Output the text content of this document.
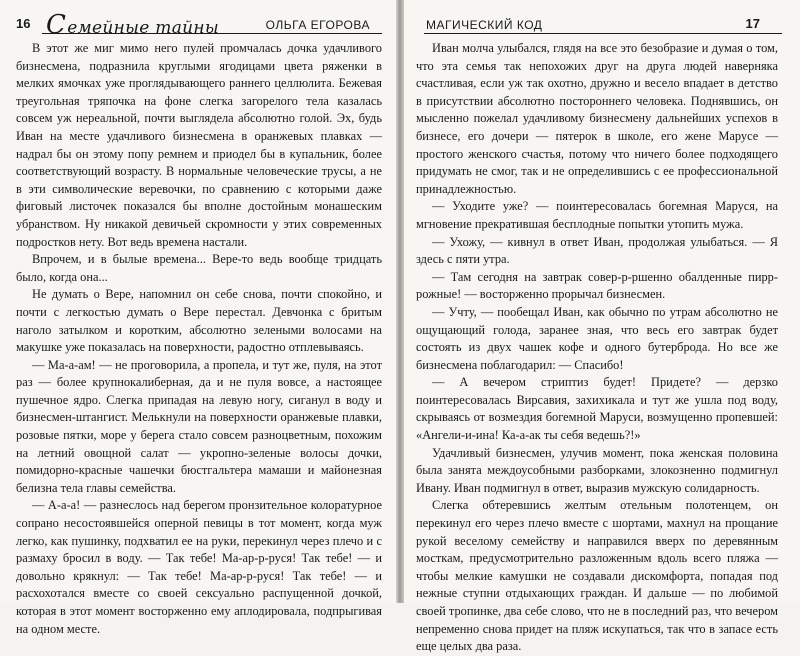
16 Семейные тайны	ОЛЬГА ЕГОРОВА

В этот же миг мимо него пулей промчалась дочка удачливого бизнесмена, подразнила круглыми ягодицами цвета ряженки в мелких ямочках уже проглядывающего раннего целлюлита. Бежевая треугольная тряпочка на фоне слегка загорелого тела казалась совсем уж нереальной, почти выглядела абсолютно голой. Эх, будь Иван на месте удачливого бизнесмена в оранжевых плавках — надрал бы он этому попу ремнем и приодел бы в купальник, более соответствующий возрасту. В нормальные человеческие трусы, а не в эти символические веревочки, по сравнению с которыми даже фиговый листочек показался бы вполне достойным монашеским убранством. Ну никакой девичьей скромности у этих современных подростков нету. Вот ведь времена настали.

Впрочем, и в былые времена... Вере-то ведь вообще тридцать было, когда она...

Не думать о Вере, напомнил он себе снова, почти спокойно, и почти с легкостью думать о Вере перестал. Девчонка с бритым наголо затылком и коротким, абсолютно зелеными волосами на макушке уже показалась на поверхности, радостно отплевываясь.

— Ма-а-ам! — не проговорила, а пропела, и тут же, пуля, на этот раз — более крупнокалиберная, да и не пуля вовсе, а настоящее пушечное ядро. Слегка припадая на левую ногу, сиганул в воду и бизнесмен-штангист. Мелькнули на поверхности оранжевые плавки, розовые пятки, море у берега стало совсем разноцветным, похожим на летний овощной салат — укропно-зеленые волосы дочки, помидорно-красные чашечки бюстгальтера мамаши и майонезная белизна тела главы семейства.

— А-а-а! — разнеслось над берегом пронзительное колоратурное сопрано несостоявшейся оперной певицы в тот момент, когда муж легко, как пушинку, подхватил ее на руки, перекинул через плечо и с размаху бросил в воду. — Так тебе! Ма-ар-р-руся! Так тебе! — и довольно крякнул: — Так тебе! Ма-ар-р-руся! Так тебе! — и расхохотался вместе со своей сексуально распущенной дочкой, которая в этот момент восторженно ему аплодировала, подпрыгивая на одном месте.

МАГИЧЕСКИЙ КОД	17

Иван молча улыбался, глядя на все это безобразие и думая о том, что эта семья так непохожих друг на друга людей наверняка счастливая, если уж так охотно, дружно и весело впадает в детство в присутствии абсолютно постороннего человека. Поднявшись, он мысленно пожелал удачливому бизнесмену дальнейших успехов в бизнесе, его дочери — пятерок в школе, его жене Марусе — простого женского счастья, потому что ничего более подходящего придумать не смог, так и не определившись с ее профессиональной принадлежностью.

— Уходите уже? — поинтересовалась богемная Маруся, на мгновение прекратившая бесплодные попытки утопить мужа.

— Ухожу, — кивнул в ответ Иван, продолжая улыбаться. — Я здесь с пяти утра.

— Там сегодня на завтрак совер-р-ршенно обалденные пирр-рожные! — восторженно прорычал бизнесмен.

— Учту, — пообещал Иван, как обычно по утрам абсолютно не ощущающий голода, заранее зная, что весь его завтрак будет состоять из двух чашек кофе и одного бутерброда. Но все же бизнесмена поблагодарил: — Спасибо!

— А вечером стриптиз будет! Придете? — дерзко поинтересовалась Вирсавия, захихикала и тут же ушла под воду, скрываясь от возмездия богемной Маруси, возмущенно пропевшей: «Ангели-и-ина! Ка-а-ак ты себя ведешь?!»

Удачливый бизнесмен, улучив момент, пока женская половина была занята междоусобными разборками, злокозненно подмигнул Ивану. Иван подмигнул в ответ, выразив мужскую солидарность.

Слегка обтеревшись желтым отельным полотенцем, он перекинул его через плечо вместе с шортами, махнул на прощание рукой веселому семейству и направился вверх по деревянным мосткам, предусмотрительно разложенным вдоль всего пляжа — чтобы мелкие камушки не создавали дискомфорта, попадая под нежные ступни отдыхающих граждан. И дальше — по любимой своей тропинке, два себе слово, что не в последний раз, что вечером непременно снова придет на пляж искупаться, так что в запасе есть еще целых два раза.
